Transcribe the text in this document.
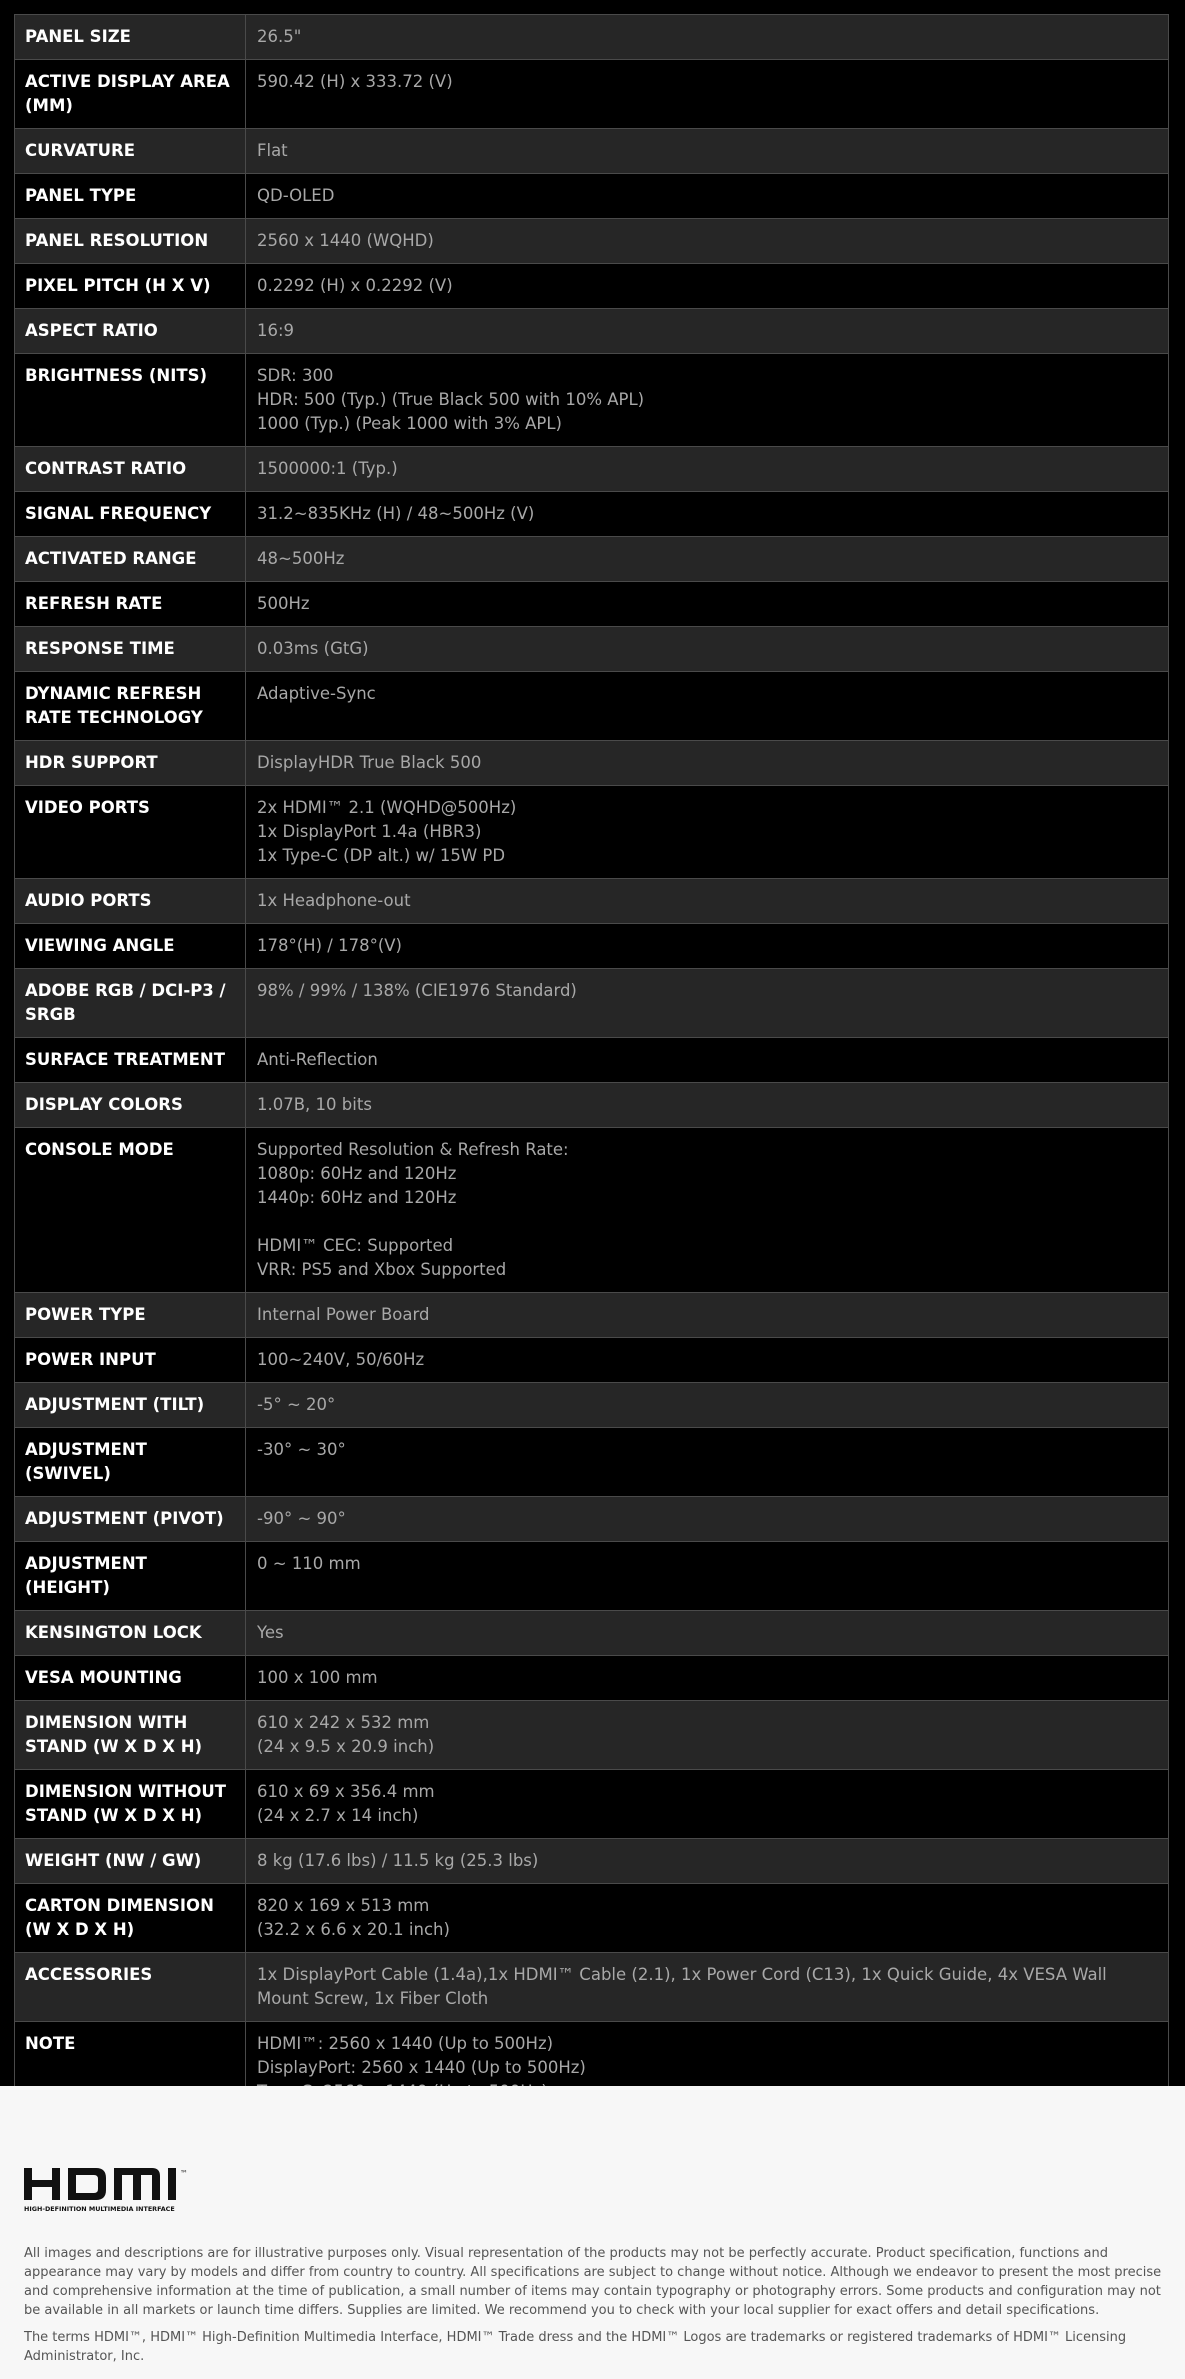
PANEL SIZE	26.5"

ACTIVE DISPLAY AREA (MM)	590.42 (H) x 333.72 (V)

CURVATURE	Flat

PANEL TYPE	QD-OLED

PANEL RESOLUTION	2560 x 1440 (WQHD)

PIXEL PITCH (H X V)	0.2292 (H) x 0.2292 (V)

ASPECT RATIO	16:9

BRIGHTNESS (NITS)	SDR: 300
HDR: 500 (Typ.) (True Black 500 with 10% APL)
1000 (Typ.) (Peak 1000 with 3% APL)

CONTRAST RATIO	1500000:1 (Typ.)

SIGNAL FREQUENCY	31.2~835KHz (H) / 48~500Hz (V)

ACTIVATED RANGE	48~500Hz

REFRESH RATE	500Hz

RESPONSE TIME	0.03ms (GtG)

DYNAMIC REFRESH RATE TECHNOLOGY	Adaptive-Sync

HDR SUPPORT	DisplayHDR True Black 500

VIDEO PORTS	2x HDMI™ 2.1 (WQHD@500Hz)
1x DisplayPort 1.4a (HBR3)
1x Type-C (DP alt.) w/ 15W PD

AUDIO PORTS	1x Headphone-out

VIEWING ANGLE	178°(H) / 178°(V)

ADOBE RGB / DCI-P3 / SRGB	98% / 99% / 138% (CIE1976 Standard)

SURFACE TREATMENT	Anti-Reflection

DISPLAY COLORS	1.07B, 10 bits

CONSOLE MODE	Supported Resolution & Refresh Rate:
1080p: 60Hz and 120Hz
1440p: 60Hz and 120Hz
HDMI™ CEC: Supported
VRR: PS5 and Xbox Supported

POWER TYPE	Internal Power Board

POWER INPUT	100~240V, 50/60Hz

ADJUSTMENT (TILT)	-5° ~ 20°

ADJUSTMENT (SWIVEL)	-30° ~ 30°

ADJUSTMENT (PIVOT)	-90° ~ 90°

ADJUSTMENT (HEIGHT)	0 ~ 110 mm

KENSINGTON LOCK	Yes

VESA MOUNTING	100 x 100 mm

DIMENSION WITH STAND (W X D X H)	610 x 242 x 532 mm
(24 x 9.5 x 20.9 inch)

DIMENSION WITHOUT STAND (W X D X H)	610 x 69 x 356.4 mm
(24 x 2.7 x 14 inch)

WEIGHT (NW / GW)	8 kg (17.6 lbs) / 11.5 kg (25.3 lbs)

CARTON DIMENSION (W X D X H)	820 x 169 x 513 mm
(32.2 x 6.6 x 20.1 inch)

ACCESSORIES	1x DisplayPort Cable (1.4a),1x HDMI™ Cable (2.1), 1x Power Cord (C13), 1x Quick Guide, 4x VESA Wall Mount Screw, 1x Fiber Cloth

NOTE	HDMI™: 2560 x 1440 (Up to 500Hz)
DisplayPort: 2560 x 1440 (Up to 500Hz)

™
HIGH-DEFINITION MULTIMEDIA INTERFACE

All images and descriptions are for illustrative purposes only. Visual representation of the products may not be perfectly accurate. Product specification, functions and appearance may vary by models and differ from country to country. All specifications are subject to change without notice. Although we endeavor to present the most precise and comprehensive information at the time of publication, a small number of items may contain typography or photography errors. Some products and configuration may not be available in all markets or launch time differs. Supplies are limited. We recommend you to check with your local supplier for exact offers and detail specifications.

The terms HDMI™, HDMI™ High-Definition Multimedia Interface, HDMI™ Trade dress and the HDMI™ Logos are trademarks or registered trademarks of HDMI™ Licensing Administrator, Inc.
